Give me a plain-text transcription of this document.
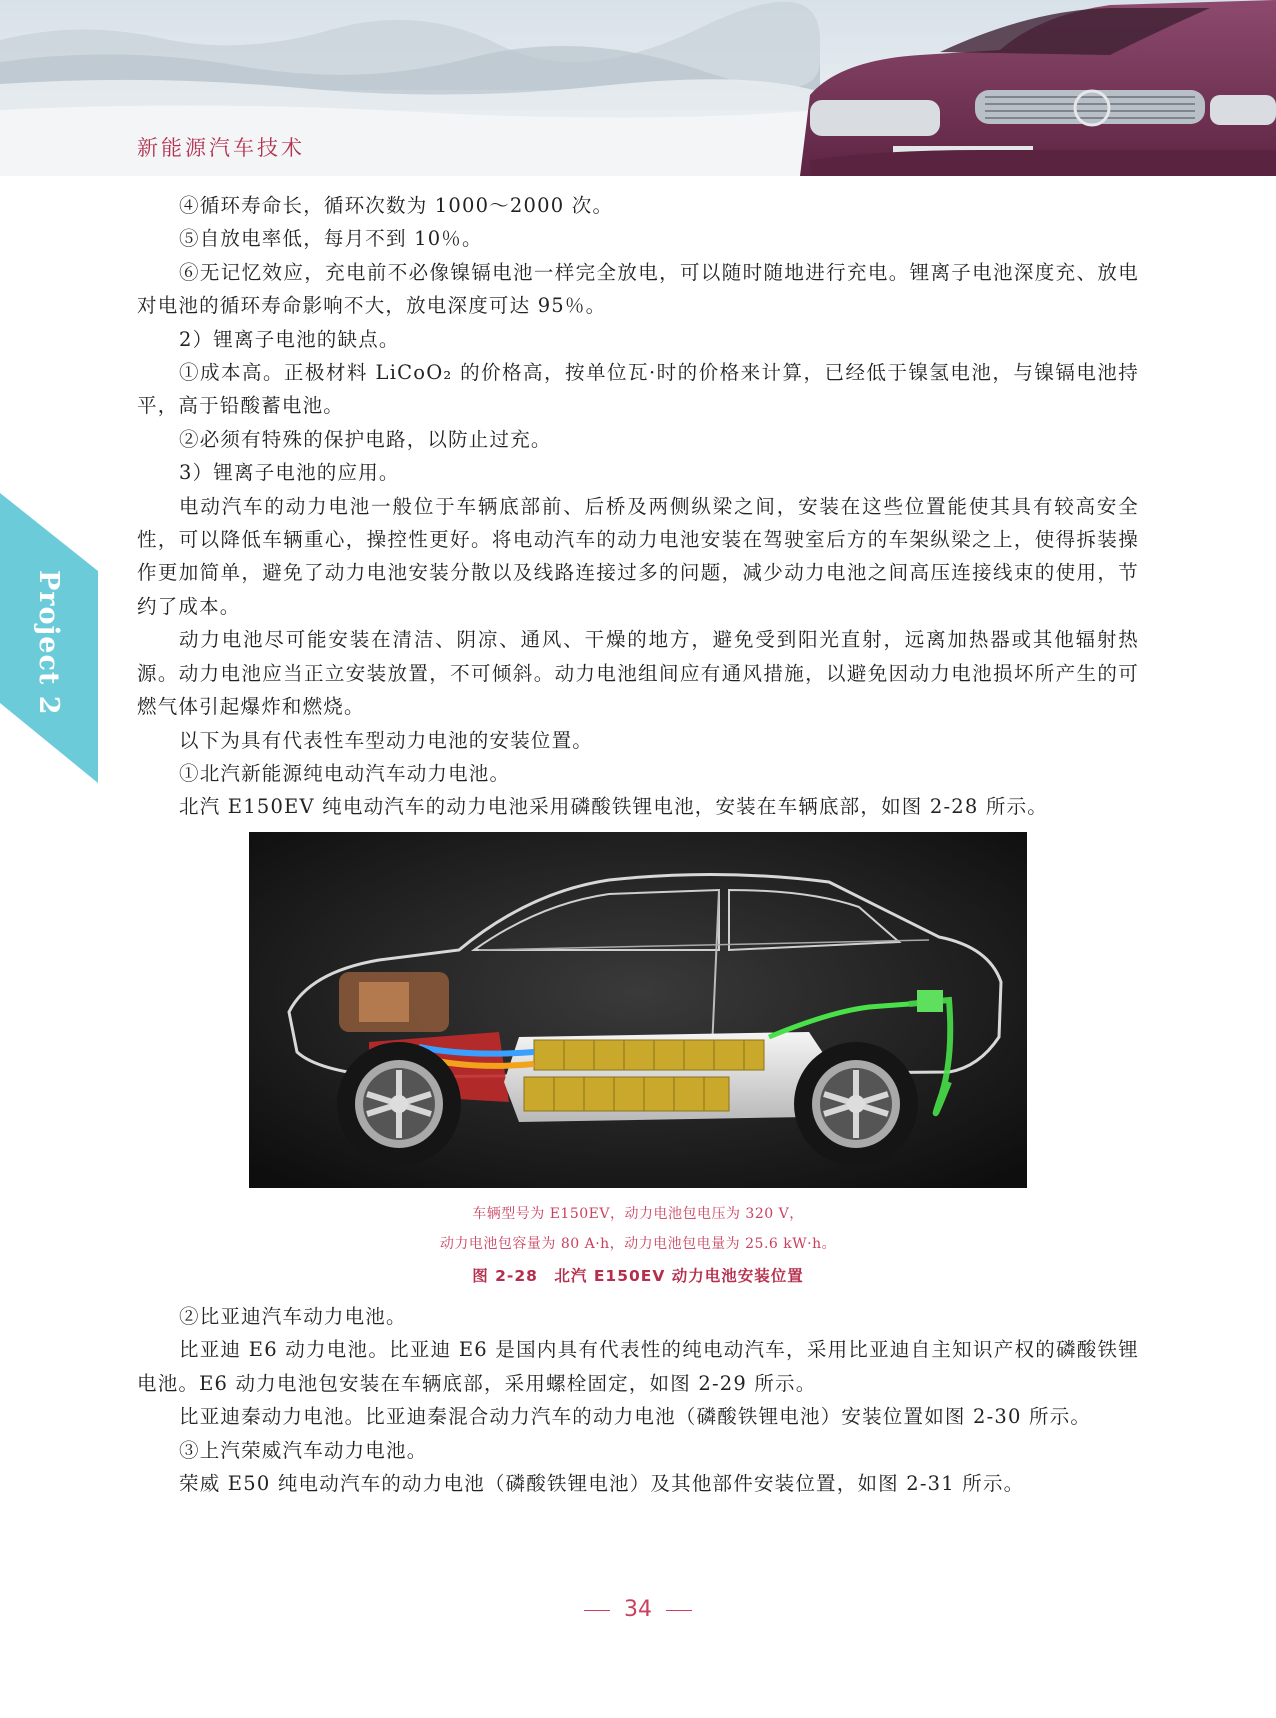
新能源汽车技术
Project 2

④循环寿命长，循环次数为 1000～2000 次。

⑤自放电率低，每月不到 10％。

⑥无记忆效应，充电前不必像镍镉电池一样完全放电，可以随时随地进行充电。锂离子电池深度充、放电对电池的循环寿命影响不大，放电深度可达 95％。

2）锂离子电池的缺点。

①成本高。正极材料 LiCoO₂ 的价格高，按单位瓦·时的价格来计算，已经低于镍氢电池，与镍镉电池持平，高于铅酸蓄电池。

②必须有特殊的保护电路，以防止过充。

3）锂离子电池的应用。

电动汽车的动力电池一般位于车辆底部前、后桥及两侧纵梁之间，安装在这些位置能使其具有较高安全性，可以降低车辆重心，操控性更好。将电动汽车的动力电池安装在驾驶室后方的车架纵梁之上，使得拆装操作更加简单，避免了动力电池安装分散以及线路连接过多的问题，减少动力电池之间高压连接线束的使用，节约了成本。

动力电池尽可能安装在清洁、阴凉、通风、干燥的地方，避免受到阳光直射，远离加热器或其他辐射热源。动力电池应当正立安装放置，不可倾斜。动力电池组间应有通风措施，以避免因动力电池损坏所产生的可燃气体引起爆炸和燃烧。

以下为具有代表性车型动力电池的安装位置。

①北汽新能源纯电动汽车动力电池。

北汽 E150EV 纯电动汽车的动力电池采用磷酸铁锂电池，安装在车辆底部，如图 2-28 所示。

车辆型号为 E150EV，动力电池包电压为 320 V，
动力电池包容量为 80 A·h，动力电池包电量为 25.6 kW·h。
图 2-28　北汽 E150EV 动力电池安装位置

②比亚迪汽车动力电池。

比亚迪 E6 动力电池。比亚迪 E6 是国内具有代表性的纯电动汽车，采用比亚迪自主知识产权的磷酸铁锂电池。E6 动力电池包安装在车辆底部，采用螺栓固定，如图 2-29 所示。

比亚迪秦动力电池。比亚迪秦混合动力汽车的动力电池（磷酸铁锂电池）安装位置如图 2-30 所示。

③上汽荣威汽车动力电池。

荣威 E50 纯电动汽车的动力电池（磷酸铁锂电池）及其他部件安装位置，如图 2-31 所示。

34
